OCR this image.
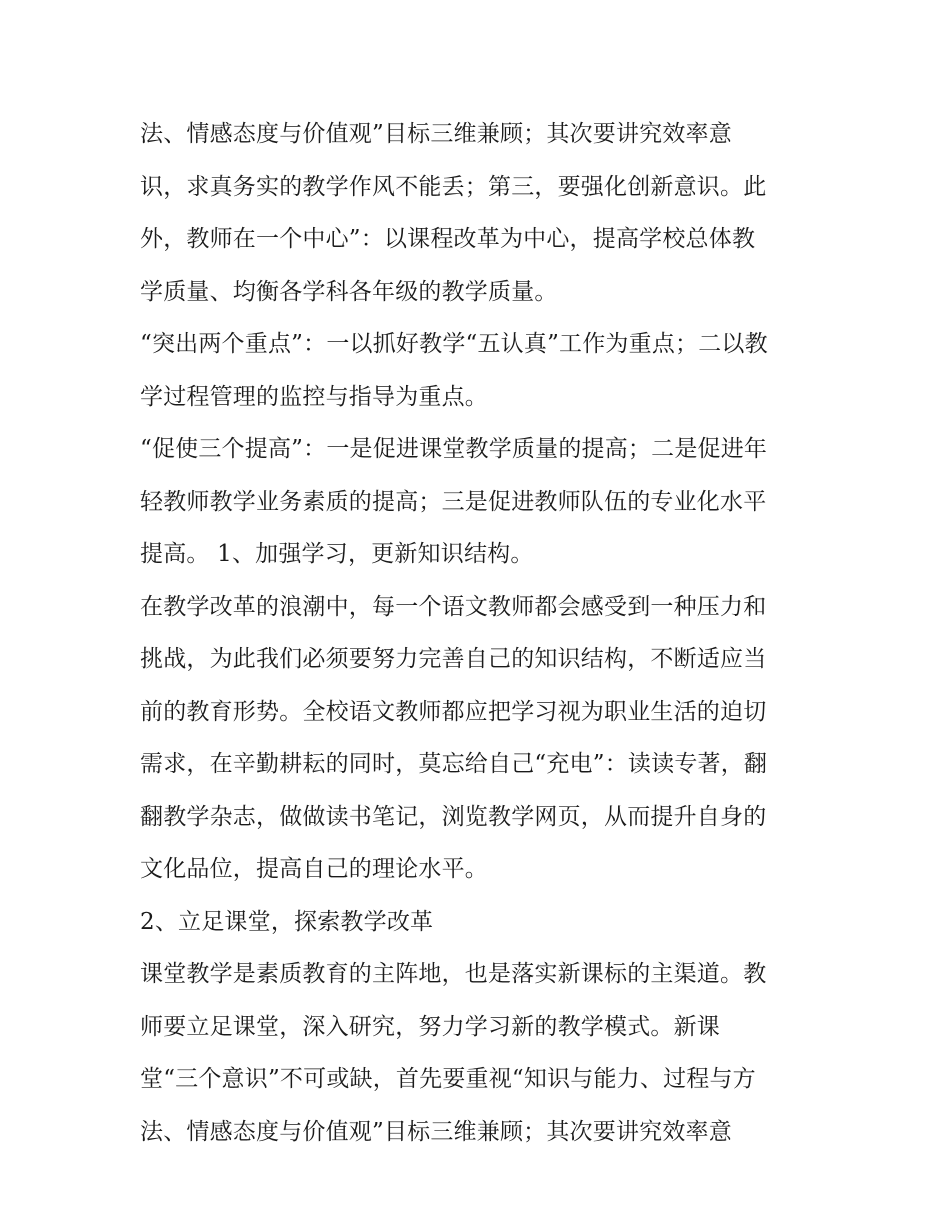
法、情感态度与价值观”目标三维兼顾；其次要讲究效率意
识，求真务实的教学作风不能丢；第三，要强化创新意识。此
外，教师在一个中心”：以课程改革为中心，提高学校总体教
学质量、均衡各学科各年级的教学质量。
“突出两个重点”：一以抓好教学“五认真”工作为重点；二以教
学过程管理的监控与指导为重点。
“促使三个提高”：一是促进课堂教学质量的提高；二是促进年
轻教师教学业务素质的提高；三是促进教师队伍的专业化水平
提高。 1、加强学习，更新知识结构。
在教学改革的浪潮中，每一个语文教师都会感受到一种压力和
挑战，为此我们必须要努力完善自己的知识结构，不断适应当
前的教育形势。全校语文教师都应把学习视为职业生活的迫切
需求，在辛勤耕耘的同时，莫忘给自己“充电”：读读专著，翻
翻教学杂志，做做读书笔记，浏览教学网页，从而提升自身的
文化品位，提高自己的理论水平。
2、立足课堂，探索教学改革
课堂教学是素质教育的主阵地，也是落实新课标的主渠道。教
师要立足课堂，深入研究，努力学习新的教学模式。新课
堂“三个意识”不可或缺，首先要重视“知识与能力、过程与方
法、情感态度与价值观”目标三维兼顾；其次要讲究效率意
